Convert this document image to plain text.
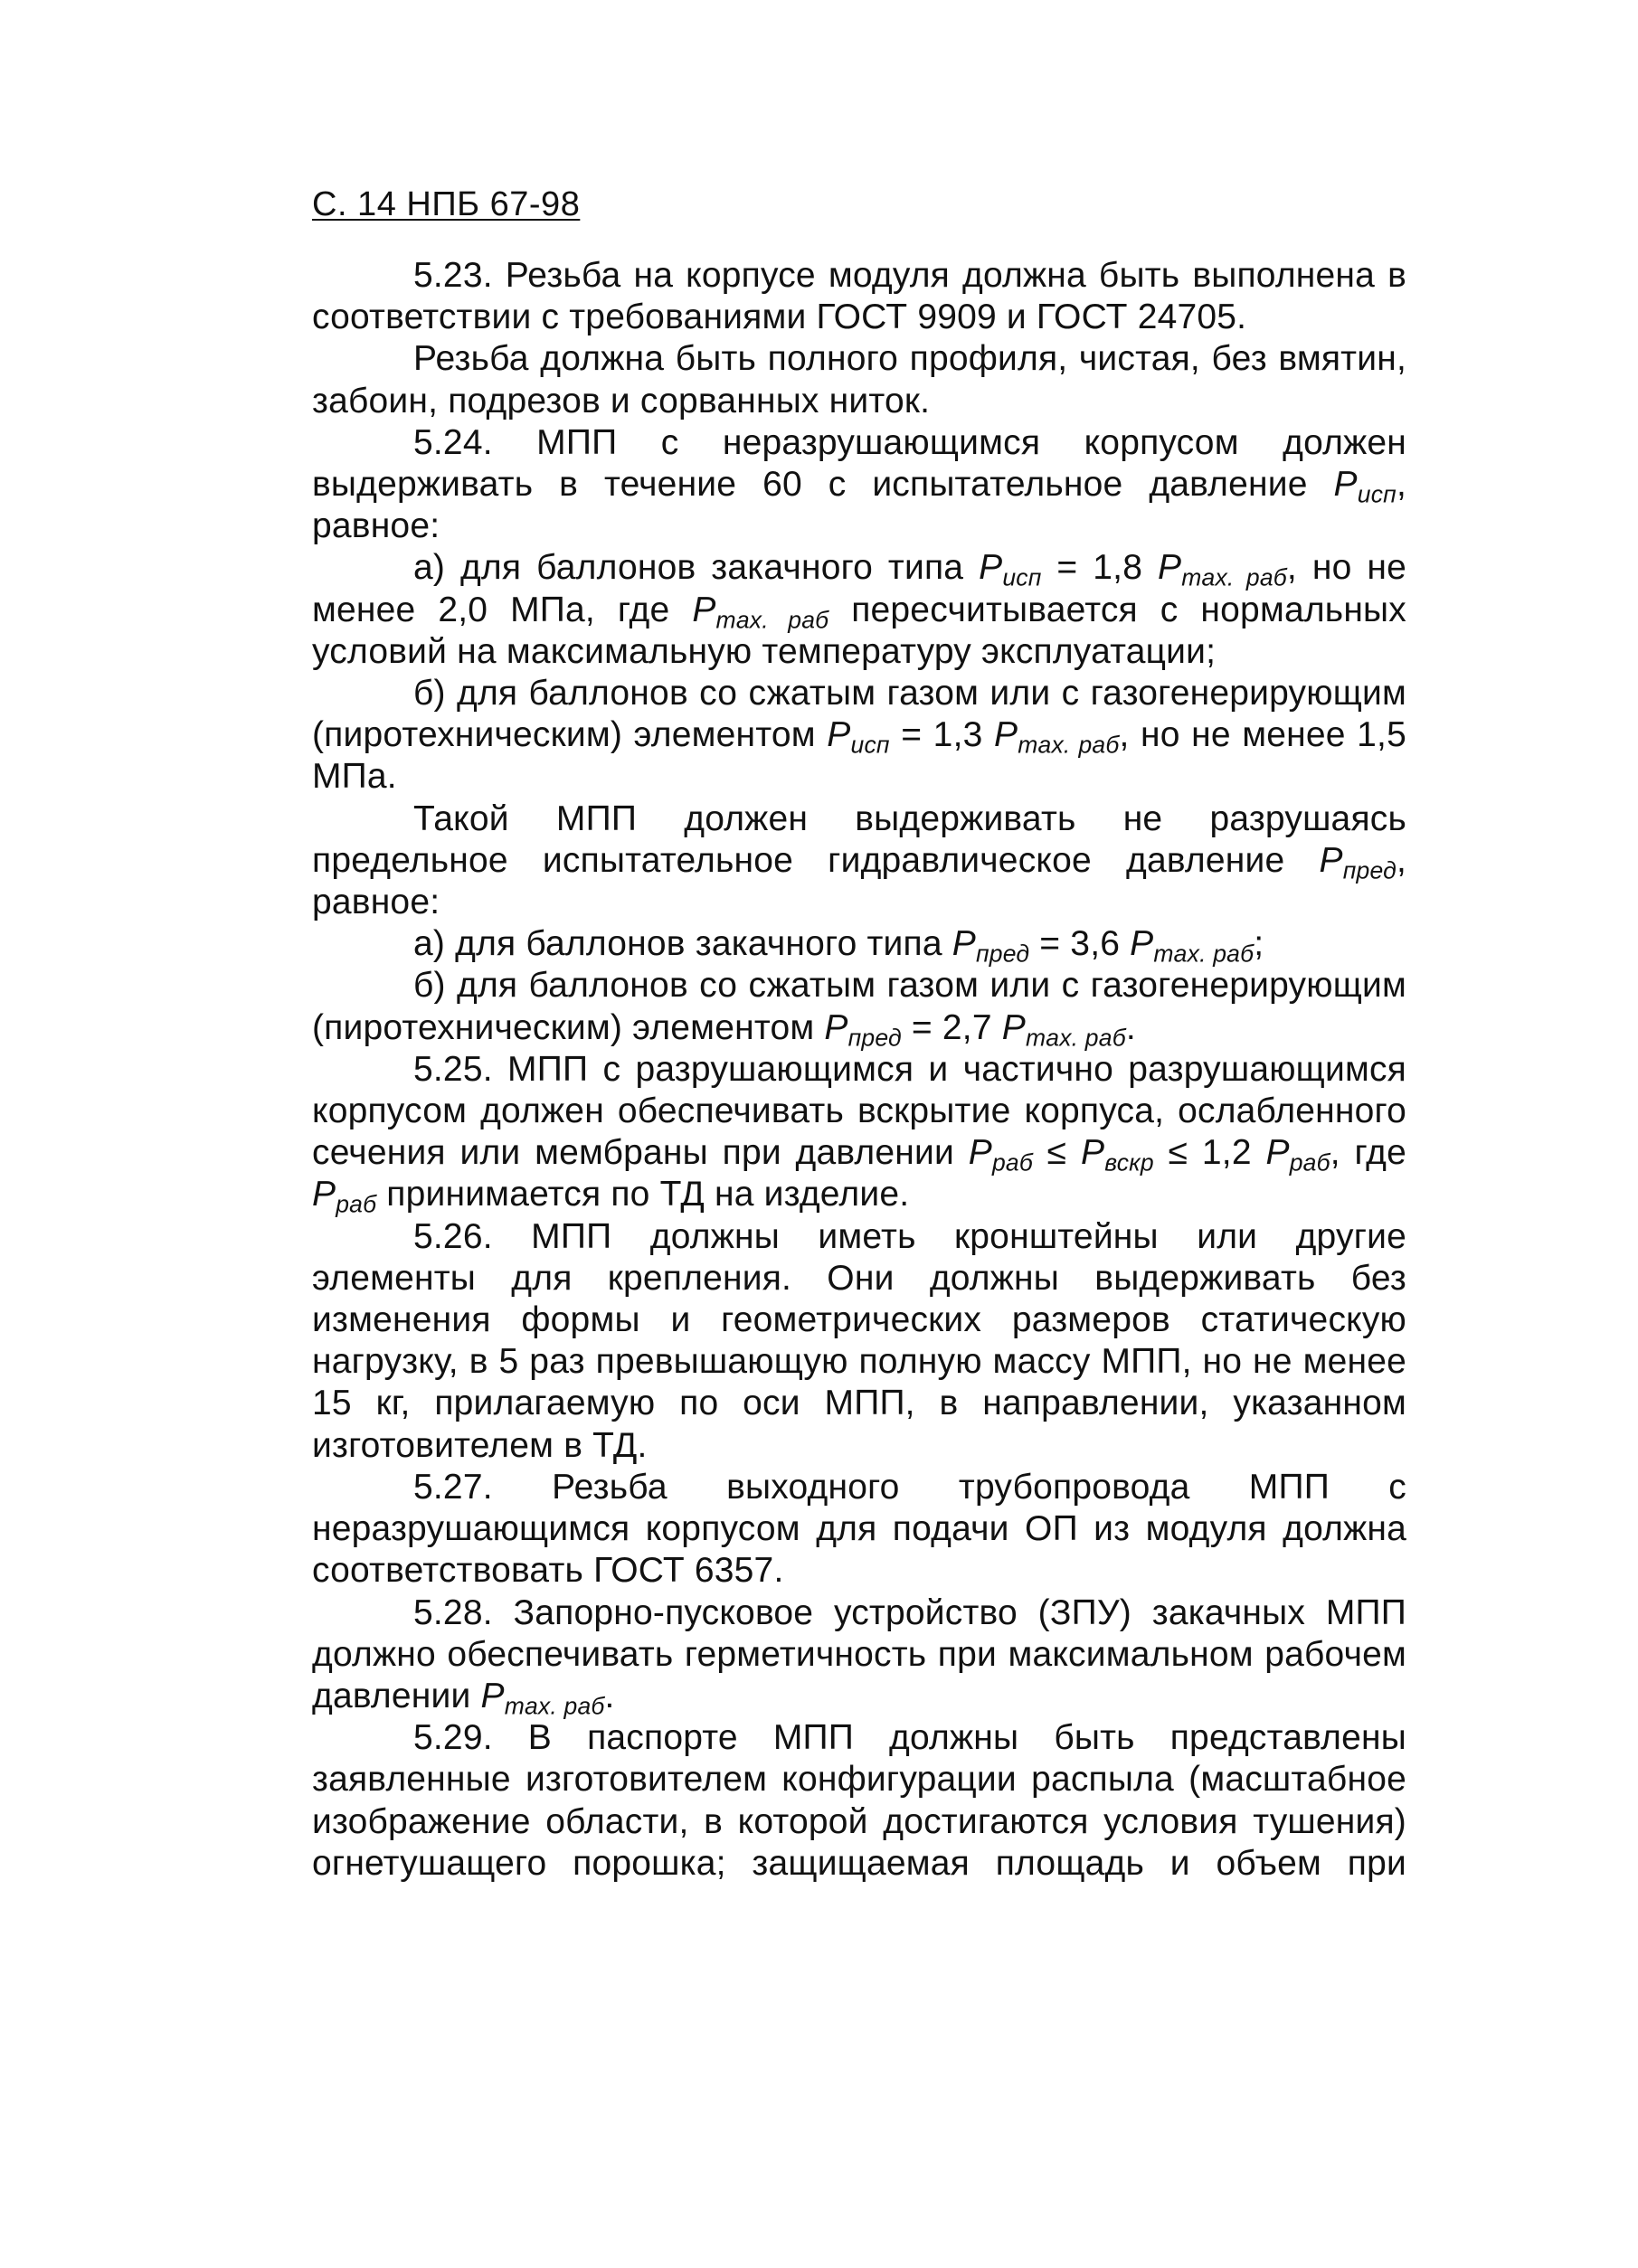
С. 14 НПБ 67-98

5.23. Резьба на корпусе модуля должна быть выполнена в соответствии с требованиями ГОСТ 9909 и ГОСТ 24705.

Резьба должна быть полного профиля, чистая, без вмятин, забоин, подрезов и сорванных ниток.

5.24. МПП с неразрушающимся корпусом должен выдерживать в течение 60 с испытательное давление $P_{исп}$, равное:

а) для баллонов закачного типа $P_{исп} = 1,8$ $P_{max. раб}$, но не менее 2,0 МПа, где $P_{max. раб}$ пересчитывается с нормальных условий на максимальную температуру эксплуатации;

б) для баллонов со сжатым газом или с газогенерирующим (пиротехническим) элементом $P_{исп} = 1,3$ $P_{max. раб}$, но не менее 1,5 МПа.

Такой МПП должен выдерживать не разрушаясь предельное испытательное гидравлическое давление $P_{пред}$, равное:

а) для баллонов закачного типа $P_{пред} = 3,6$ $P_{max. раб}$;

б) для баллонов со сжатым газом или с газогенерирующим (пиротехническим) элементом $P_{пред} = 2,7$ $P_{max. раб}$.

5.25. МПП с разрушающимся и частично разрушающимся корпусом должен обеспечивать вскрытие корпуса, ослабленного сечения или мембраны при давлении $P_{раб} \le P_{вскр} \le 1,2$ $P_{раб}$, где $P_{раб}$ принимается по ТД на изделие.

5.26. МПП должны иметь кронштейны или другие элементы для крепления. Они должны выдерживать без изменения формы и геометрических размеров статическую нагрузку, в 5 раз превышающую полную массу МПП, но не менее 15 кг, прилагаемую по оси МПП, в направлении, указанном изготовителем в ТД.

5.27. Резьба выходного трубопровода МПП с неразрушающимся корпусом для подачи ОП из модуля должна соответствовать ГОСТ 6357.

5.28. Запорно-пусковое устройство (ЗПУ) закачных МПП должно обеспечивать герметичность при максимальном рабочем давлении $P_{max. раб}$.

5.29. В паспорте МПП должны быть представлены заявленные изготовителем конфигурации распыла (масштабное изображение области, в которой достигаются условия тушения) огнетушащего порошка; защищаемая площадь и объем при
